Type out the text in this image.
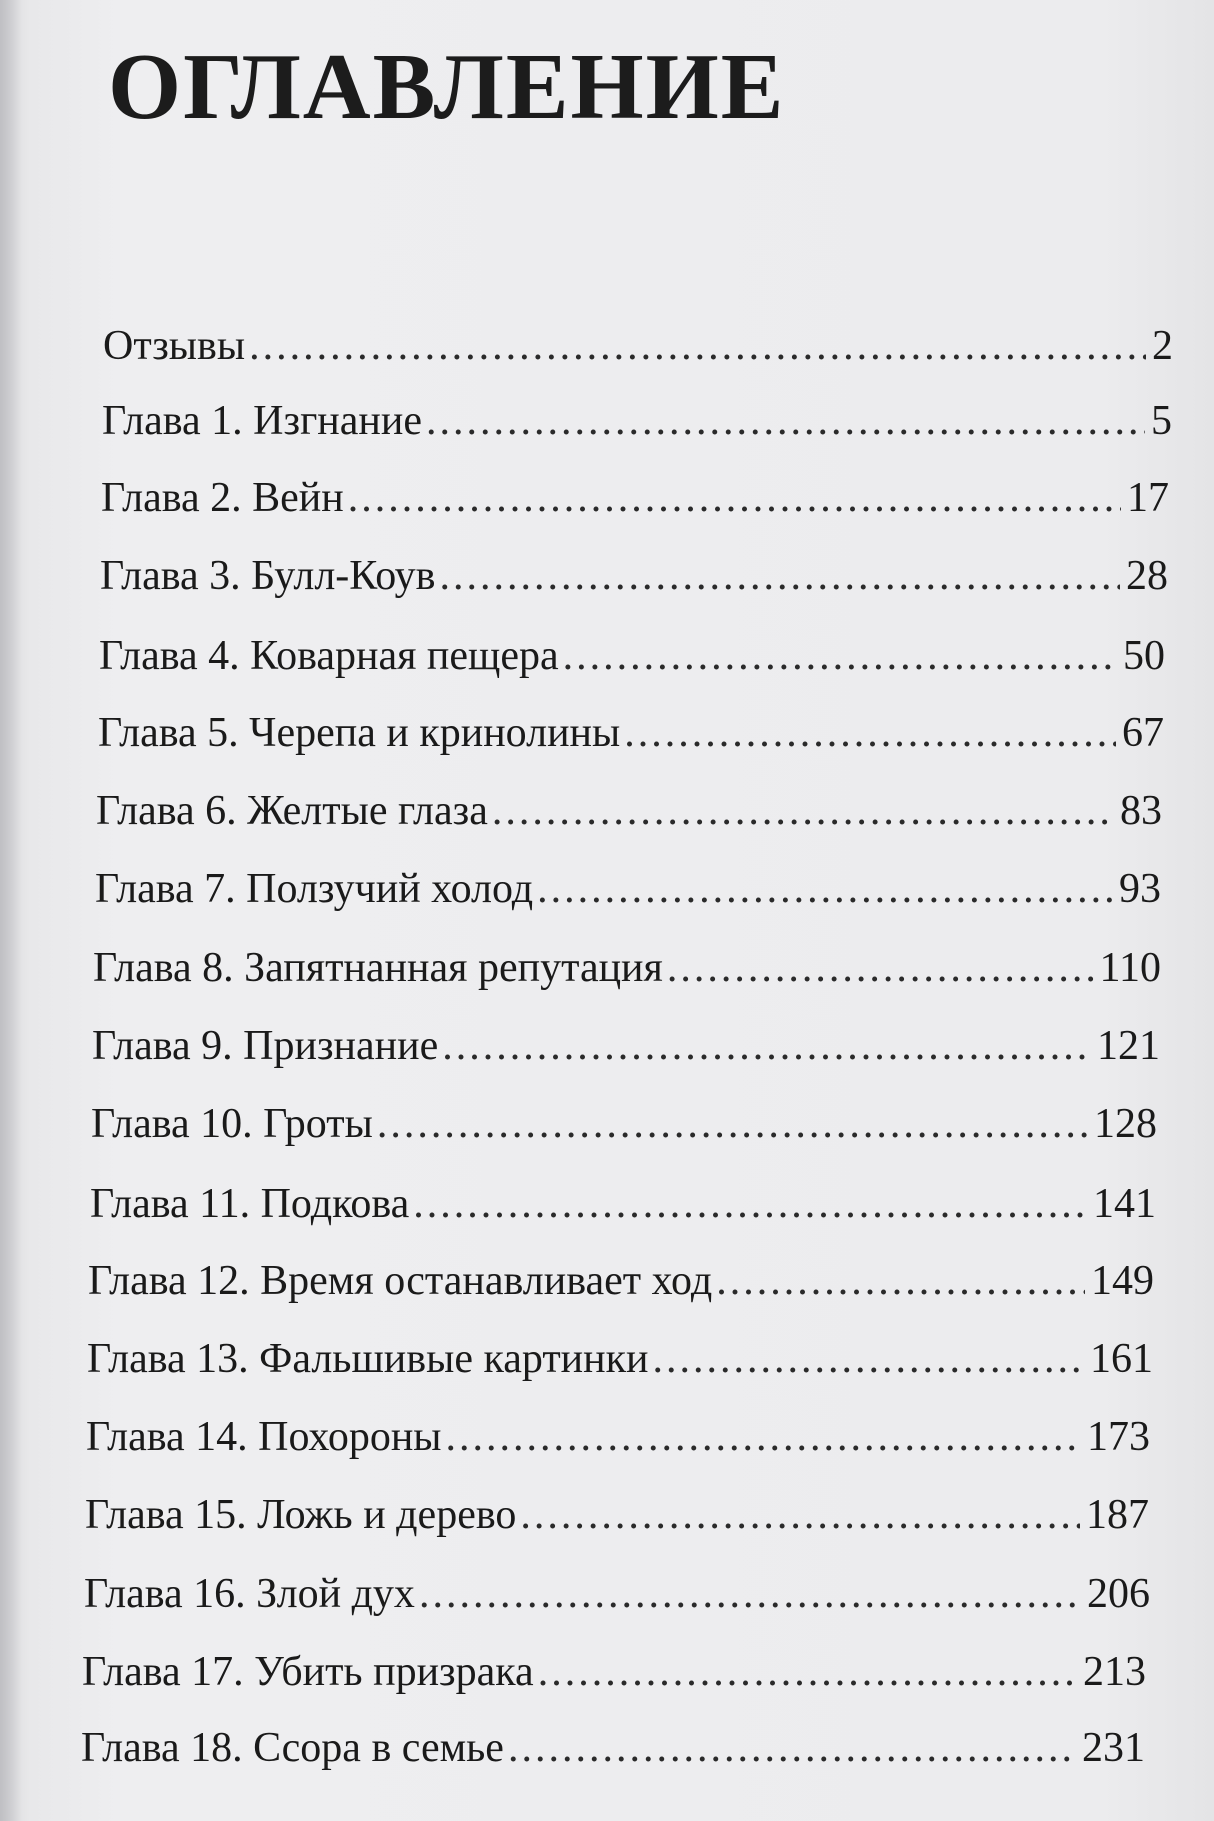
ОГЛАВЛЕНИЕ
Отзывы .....	2
Глава 1. Изгнание .....	5
Глава 2. Вейн .....	17
Глава 3. Булл-Коув .....	28
Глава 4. Коварная пещера .....	50
Глава 5. Черепа и кринолины .....	67
Глава 6. Желтые глаза .....	83
Глава 7. Ползучий холод .....	93
Глава 8. Запятнанная репутация .....	110
Глава 9. Признание .....	121
Глава 10. Гроты .....	128
Глава 11. Подкова .....	141
Глава 12. Время останавливает ход .....	149
Глава 13. Фальшивые картинки .....	161
Глава 14. Похороны .....	173
Глава 15. Ложь и дерево .....	187
Глава 16. Злой дух .....	206
Глава 17. Убить призрака .....	213
Глава 18. Ссора в семье .....	231
